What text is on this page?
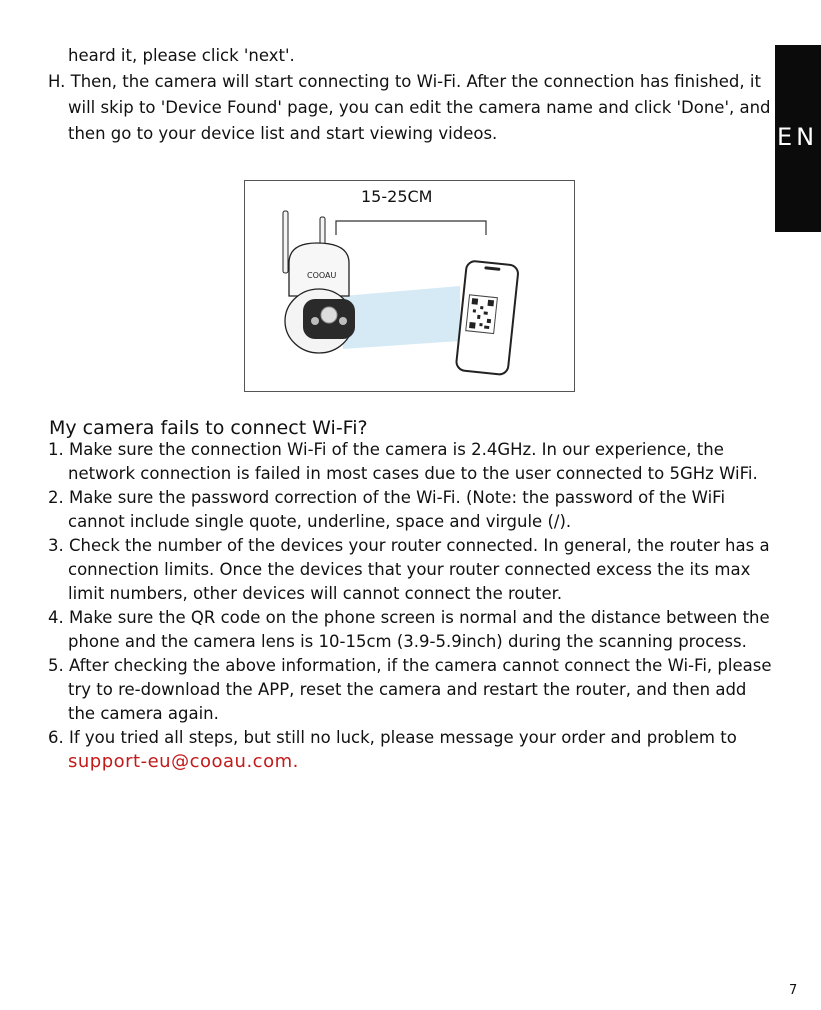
EN

heard it, please click 'next'.

H. Then, the camera will start connecting to Wi-Fi. After the connection has finished, it will skip to 'Device Found' page, you can edit the camera name and click 'Done', and then go to your device list and start viewing videos.

15-25CM
COOAU
My camera fails to connect Wi-Fi?
1. Make sure the connection Wi-Fi of the camera is 2.4GHz. In our experience, the network connection is failed in most cases due to the user connected to 5GHz WiFi.
2. Make sure the password correction of the Wi-Fi. (Note: the password of the WiFi cannot include single quote, underline, space and virgule (/).
3. Check the number of the devices your router connected. In general, the router has a connection limits. Once the devices that your router connected excess the its max limit numbers, other devices will cannot connect the router.
4. Make sure the QR code on the phone screen is normal and the distance between the phone and the camera lens is 10-15cm (3.9-5.9inch) during the scanning process.
5. After checking the above information, if the camera cannot connect the Wi-Fi, please try to re-download the APP, reset the camera and restart the router, and then add the camera again.
6. If you tried all steps, but still no luck, please message your order and problem to
support-eu@cooau.com.
7
